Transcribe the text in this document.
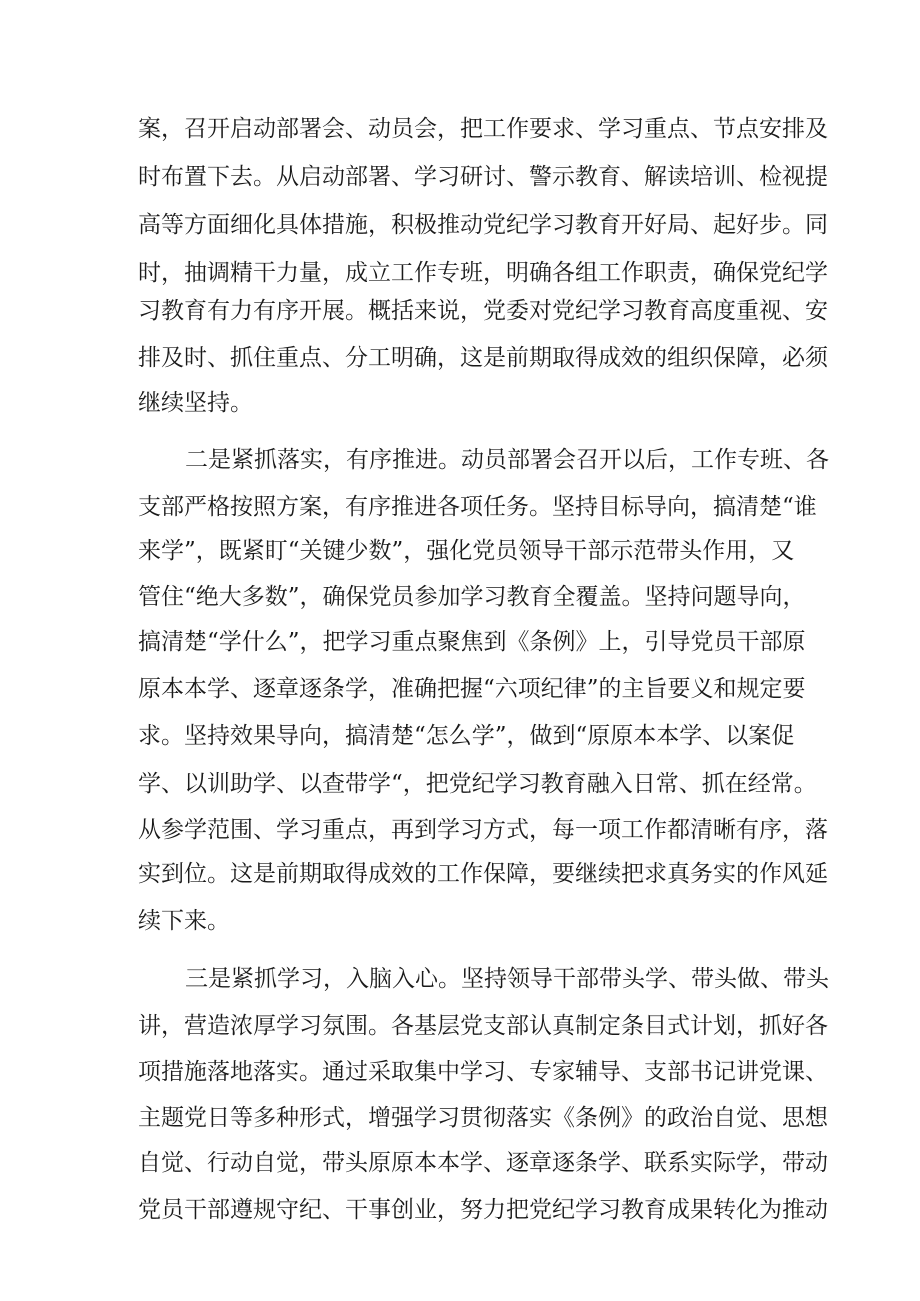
案，召开启动部署会、动员会，把工作要求、学习重点、节点安排及
时布置下去。从启动部署、学习研讨、警示教育、解读培训、检视提
高等方面细化具体措施，积极推动党纪学习教育开好局、起好步。同
时，抽调精干力量，成立工作专班，明确各组工作职责，确保党纪学
习教育有力有序开展。概括来说，党委对党纪学习教育高度重视、安
排及时、抓住重点、分工明确，这是前期取得成效的组织保障，必须
继续坚持。
二是紧抓落实，有序推进。动员部署会召开以后，工作专班、各
支部严格按照方案，有序推进各项任务。坚持目标导向，搞清楚“谁
来学”，既紧盯“关键少数”，强化党员领导干部示范带头作用，又
管住“绝大多数”，确保党员参加学习教育全覆盖。坚持问题导向，
搞清楚“学什么”，把学习重点聚焦到《条例》上，引导党员干部原
原本本学、逐章逐条学，准确把握“六项纪律”的主旨要义和规定要
求。坚持效果导向，搞清楚“怎么学”，做到“原原本本学、以案促
学、以训助学、以查带学“，把党纪学习教育融入日常、抓在经常。
从参学范围、学习重点，再到学习方式，每一项工作都清晰有序，落
实到位。这是前期取得成效的工作保障，要继续把求真务实的作风延
续下来。
三是紧抓学习，入脑入心。坚持领导干部带头学、带头做、带头
讲，营造浓厚学习氛围。各基层党支部认真制定条目式计划，抓好各
项措施落地落实。通过采取集中学习、专家辅导、支部书记讲党课、
主题党日等多种形式，增强学习贯彻落实《条例》的政治自觉、思想
自觉、行动自觉，带头原原本本学、逐章逐条学、联系实际学，带动
党员干部遵规守纪、干事创业，努力把党纪学习教育成果转化为推动
